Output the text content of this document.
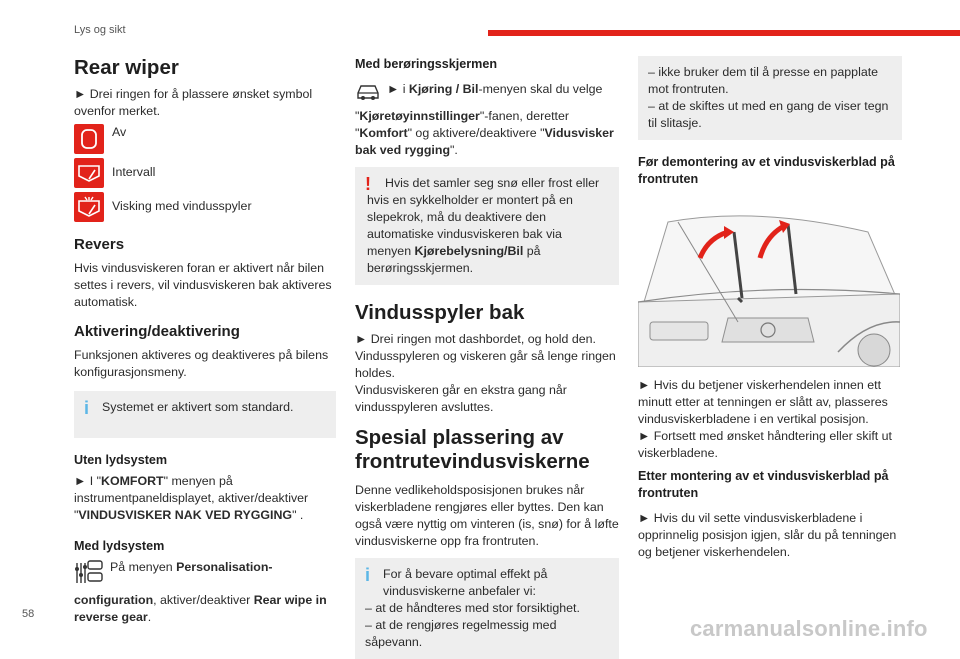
Lys og sikt
Rear wiper

► Drei ringen for å plassere ønsket symbol ovenfor merket.

Av
Intervall
Visking med vindusspyler
Revers

Hvis vindusviskeren foran er aktivert når bilen settes i revers, vil vindusviskeren bak aktiveres automatisk.

Aktivering/deaktivering

Funksjonen aktiveres og deaktiveres på bilens konfigurasjonsmeny.

i Systemet er aktivert som standard.
Uten lydsystem

► I "KOMFORT" menyen på instrumentpaneldisplayet, aktiver/deaktiver "VINDUSVISKER NAK VED RYGGING" .

Med lydsystem

På menyen Personalisation-configuration, aktiver/deaktiver Rear wipe in reverse gear.

Med berøringsskjermen

► i Kjøring / Bil-menyen skal du velge "Kjøretøyinnstillinger"-fanen, deretter "Komfort" og aktivere/deaktivere "Vidusvisker bak ved rygging".

!	Hvis det samler seg snø eller frost eller hvis en sykkelholder er montert på en slepekrok, må du deaktivere den automatiske vindusviskeren bak via menyen Kjørebelysning/Bil på berøringsskjermen.

Vindusspyler bak

► Drei ringen mot dashbordet, og hold den. Vindusspyleren og viskeren går så lenge ringen holdes.

Vindusviskeren går en ekstra gang når vindusspyleren avsluttes.

Spesial plassering av frontrutevindusviskerne

Denne vedlikeholdsposisjonen brukes når viskerbladene rengjøres eller byttes. Den kan også være nyttig om vinteren (is, snø) for å løfte vindusviskerne opp fra frontruten.

i For å bevare optimal effekt på vindusviskerne anbefaler vi:

– at de håndteres med stor forsiktighet.

– at de rengjøres regelmessig med såpevann.

– ikke bruker dem til å presse en papplate mot frontruten.

– at de skiftes ut med en gang de viser tegn til slitasje.

Før demontering av et vindusviskerblad på frontruten

► Hvis du betjener viskerhendelen innen ett minutt etter at tenningen er slått av, plasseres vindusviskerbladene i en vertikal posisjon.

► Fortsett med ønsket håndtering eller skift ut viskerbladene.

Etter montering av et vindusviskerblad på frontruten

► Hvis du vil sette vindusviskerbladene i opprinnelig posisjon igjen, slår du på tenningen og betjener viskerhendelen.

58
carmanualsonline.info
